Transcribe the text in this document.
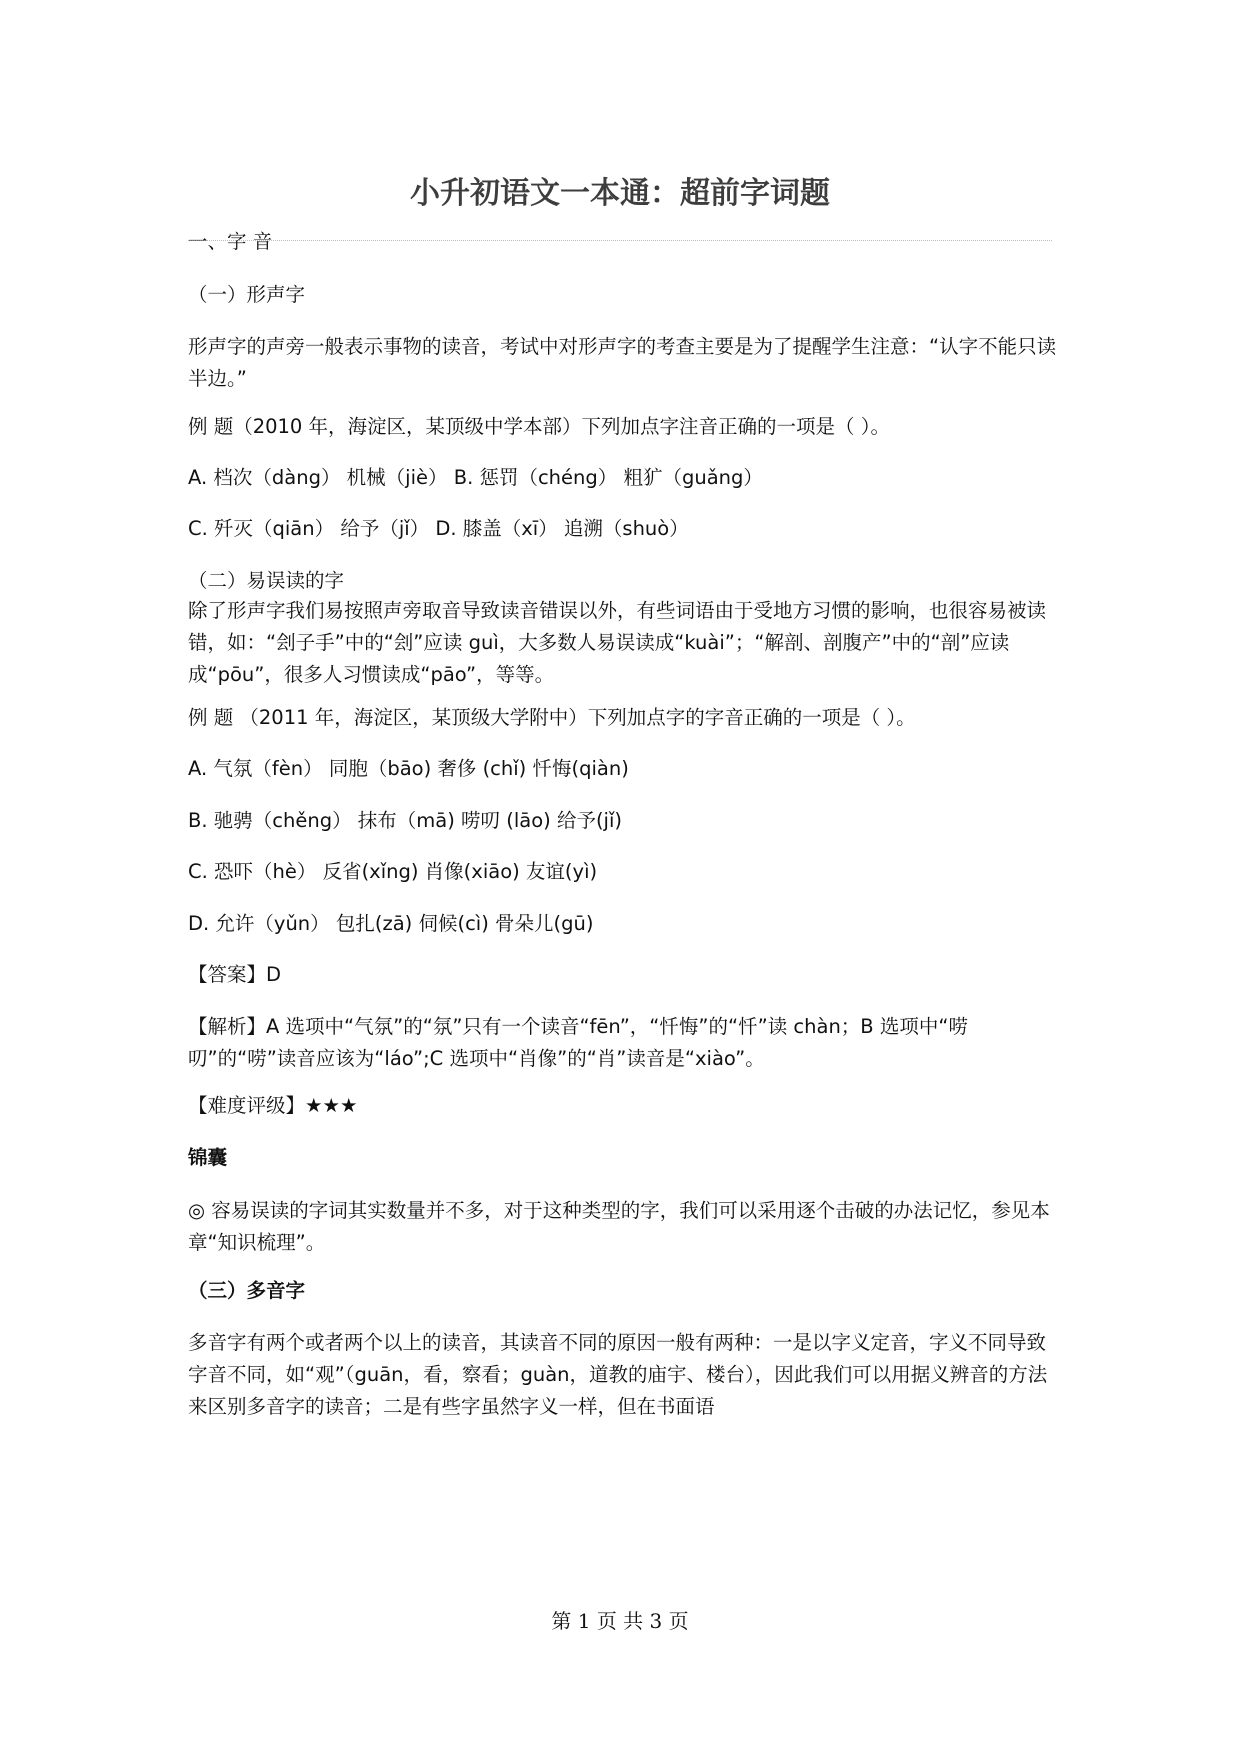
小升初语文一本通：超前字词题
一、字 音
（一）形声字
形声字的声旁一般表示事物的读音，考试中对形声字的考查主要是为了提醒学生注意：“认字不能只读半边。”
例 题（2010 年，海淀区，某顶级中学本部）下列加点字注音正确的一项是（ ）。
A. 档次（dàng） 机械（jiè） B. 惩罚（chéng） 粗犷（guǎng）
C. 歼灭（qiān） 给予（jǐ） D. 膝盖（xī） 追溯（shuò）
（二）易误读的字
除了形声字我们易按照声旁取音导致读音错误以外，有些词语由于受地方习惯的影响，也很容易被读错，如：“刽子手”中的“刽”应读 guì，大多数人易误读成“kuài”；“解剖、剖腹产”中的“剖”应读成“pōu”，很多人习惯读成“pāo”，等等。
例 题 （2011 年，海淀区，某顶级大学附中）下列加点字的字音正确的一项是（ ）。
A. 气氛（fèn） 同胞（bāo) 奢侈 (chǐ) 忏悔(qiàn)
B. 驰骋（chěng） 抹布（mā) 唠叨 (lāo) 给予(jǐ)
C. 恐吓（hè） 反省(xǐng) 肖像(xiāo) 友谊(yì)
D. 允许（yǔn） 包扎(zā) 伺候(cì) 骨朵儿(gū)
【答案】D
【解析】A 选项中“气氛”的“氛”只有一个读音“fēn”，“忏悔”的“忏”读 chàn；B 选项中“唠叨”的“唠”读音应该为“láo”;C 选项中“肖像”的“肖”读音是“xiào”。
【难度评级】★★★
锦囊
◎ 容易误读的字词其实数量并不多，对于这种类型的字，我们可以采用逐个击破的办法记忆，参见本章“知识梳理”。
（三）多音字
多音字有两个或者两个以上的读音，其读音不同的原因一般有两种：一是以字义定音，字义不同导致字音不同，如“观”（guān，看，察看；guàn，道教的庙宇、楼台），因此我们可以用据义辨音的方法来区别多音字的读音；二是有些字虽然字义一样，但在书面语
第 1 页 共 3 页
